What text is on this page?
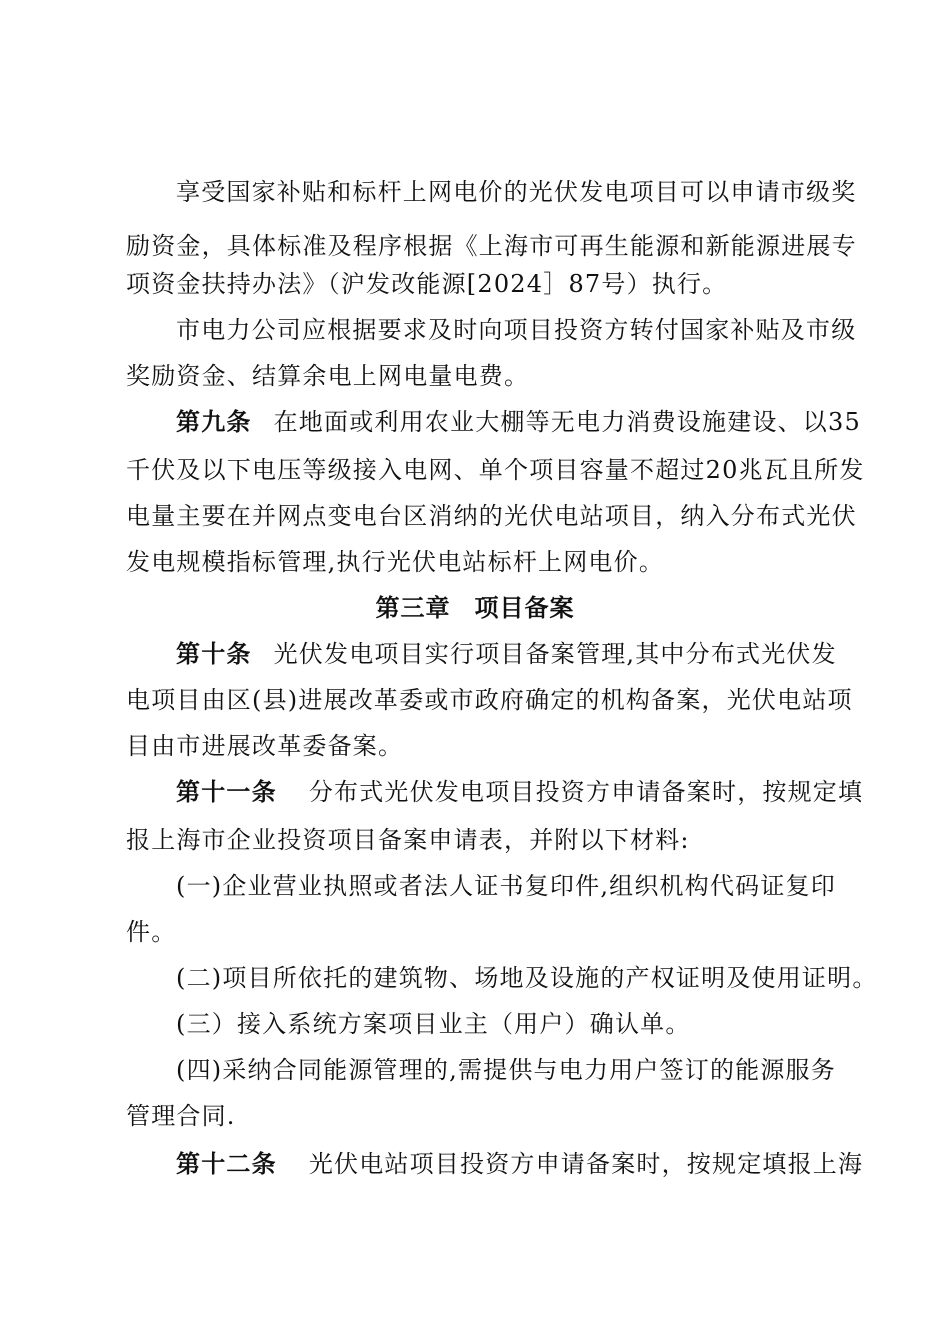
享受国家补贴和标杆上网电价的光伏发电项目可以申请市级奖
励资金，具体标准及程序根据《上海市可再生能源和新能源进展专
项资金扶持办法》（沪发改能源[2024］87号）执行。
市电力公司应根据要求及时向项目投资方转付国家补贴及市级
奖励资金、结算余电上网电量电费。
第九条 在地面或利用农业大棚等无电力消费设施建设、以35
千伏及以下电压等级接入电网、单个项目容量不超过20兆瓦且所发
电量主要在并网点变电台区消纳的光伏电站项目，纳入分布式光伏
发电规模指标管理,执行光伏电站标杆上网电价。
第三章 项目备案
第十条 光伏发电项目实行项目备案管理,其中分布式光伏发
电项目由区(县)进展改革委或市政府确定的机构备案，光伏电站项
目由市进展改革委备案。
第十一条 分布式光伏发电项目投资方申请备案时，按规定填
报上海市企业投资项目备案申请表，并附以下材料:
(一)企业营业执照或者法人证书复印件,组织机构代码证复印
件。
(二)项目所依托的建筑物、场地及设施的产权证明及使用证明。
(三）接入系统方案项目业主（用户）确认单。
(四)采纳合同能源管理的,需提供与电力用户签订的能源服务
管理合同.
第十二条 光伏电站项目投资方申请备案时，按规定填报上海
